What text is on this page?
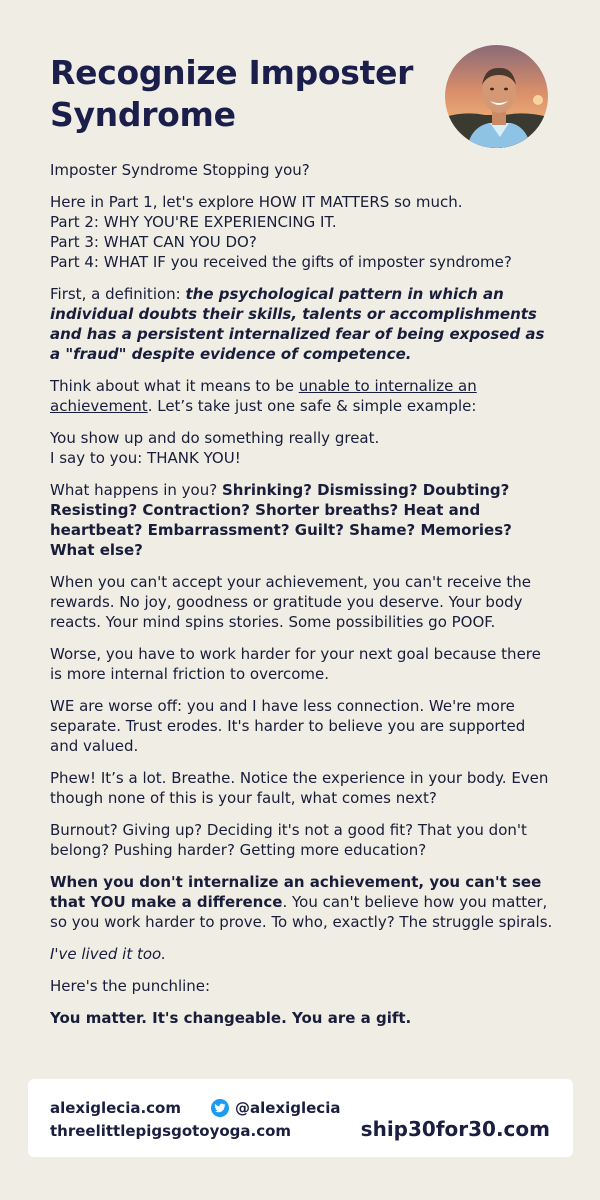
Recognize Imposter Syndrome

Imposter Syndrome Stopping you?

Here in Part 1, let's explore HOW IT MATTERS so much.
Part 2: WHY YOU'RE EXPERIENCING IT.
Part 3: WHAT CAN YOU DO?
Part 4: WHAT IF you received the gifts of imposter syndrome?

First, a definition: the psychological pattern in which an individual doubts their skills, talents or accomplishments and has a persistent internalized fear of being exposed as a "fraud" despite evidence of competence.

Think about what it means to be unable to internalize an achievement. Let’s take just one safe & simple example:

You show up and do something really great.
I say to you: THANK YOU!

What happens in you? Shrinking? Dismissing? Doubting? Resisting? Contraction? Shorter breaths? Heat and heartbeat? Embarrassment? Guilt? Shame? Memories? What else?

When you can't accept your achievement, you can't receive the rewards. No joy, goodness or gratitude you deserve. Your body reacts. Your mind spins stories. Some possibilities go POOF.

Worse, you have to work harder for your next goal because there is more internal friction to overcome.

WE are worse off: you and I have less connection. We're more separate. Trust erodes. It's harder to believe you are supported and valued.

Phew! It’s a lot. Breathe. Notice the experience in your body. Even though none of this is your fault, what comes next?

Burnout? Giving up? Deciding it's not a good fit? That you don't belong? Pushing harder? Getting more education?

When you don't internalize an achievement, you can't see that YOU make a difference. You can't believe how you matter, so you work harder to prove. To who, exactly? The struggle spirals.

I've lived it too.

Here's the punchline:

You matter. It's changeable. You are a gift.

alexiglecia.com	@alexiglecia
threelittlepigsgotoyoga.com	ship30for30.com
